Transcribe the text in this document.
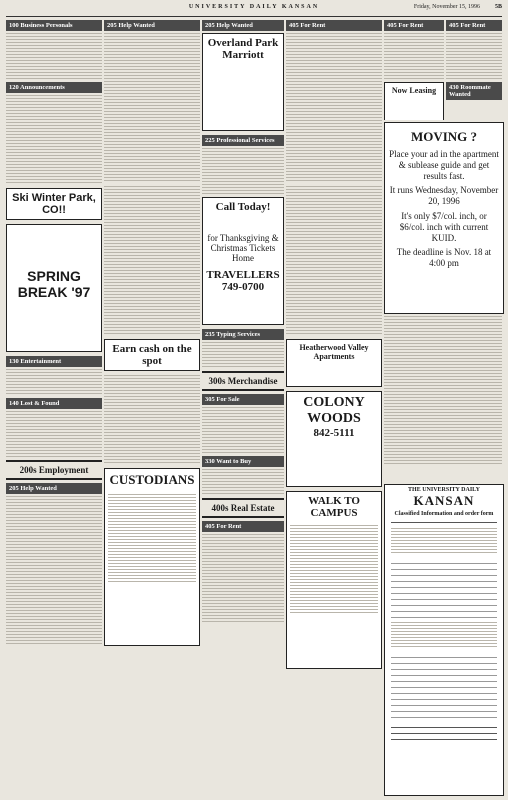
UNIVERSITY DAILY KANSAN	Friday, November 15, 1996 5B
100 Business Personals
120 Announcements
Ski Winter Park, CO!!
SPRING BREAK '97
130 Entertainment
140 Lost & Found
200s Employment
205 Help Wanted
205 Help Wanted
Earn cash on the spot
CUSTODIANS
205 Help Wanted
Overland Park Marriott
225 Professional Services
Call Today!
for Thanksgiving & Christmas Tickets Home
TRAVELLERS
749-0700
235 Typing Services
300s Merchandise
305 For Sale
330 Want to Buy
400s Real Estate
405 For Rent
405 For Rent
Heatherwood Valley Apartments
COLONY WOODS
842-5111
WALK TO CAMPUS
405 For Rent
Now Leasing
405 For Rent
430 Roommate Wanted
MOVING ?

Place your ad in the apartment & sublease guide and get results fast.

It runs Wednesday, November 20, 1996

It's only $7/col. inch, or $6/col. inch with current KUID.

The deadline is Nov. 18 at 4:00 pm

THE UNIVERSITY DAILY
KANSAN
Classified Information and order form
